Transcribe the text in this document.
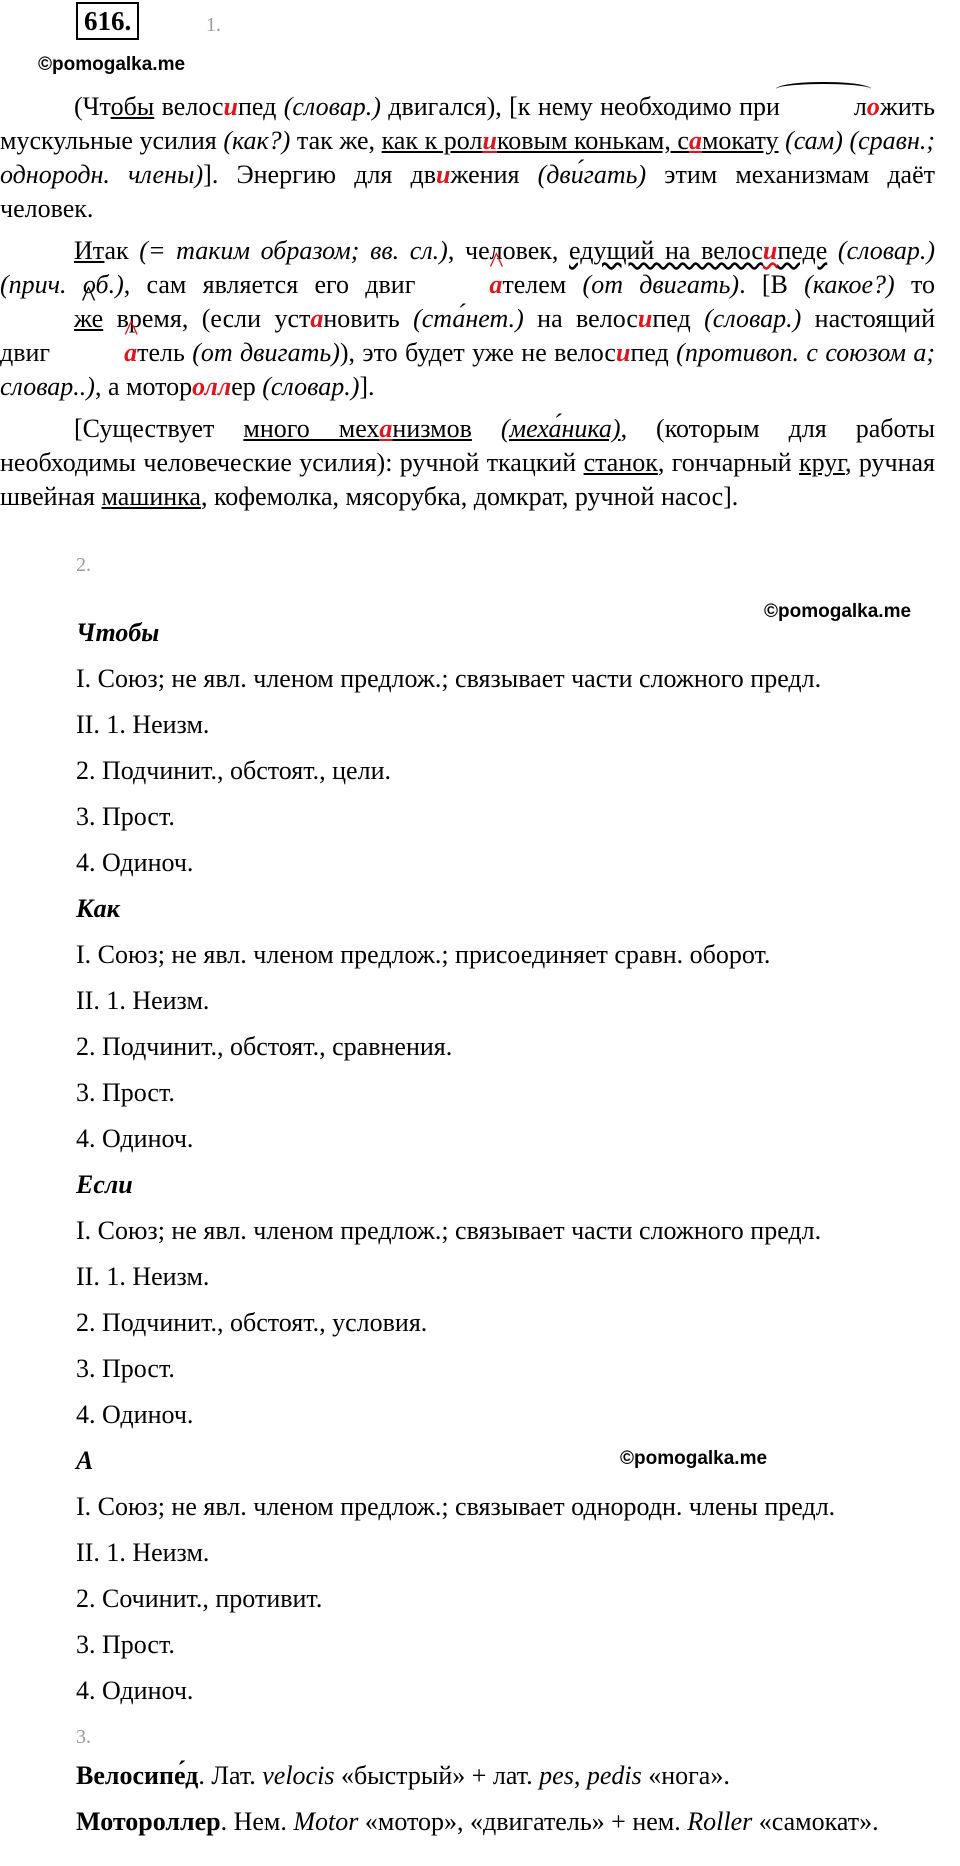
616.	1.
©pomogalka.me

(Чтобы велосипед (словар.) двигался), [к нему необходимо при	ложить мускульные усилия (как?) так же, как к роликовым конькам, самокату (сам) (сравн.; однородн. члены)]. Энергию для движения (дви́гать) этим механизмам даёт человек.

Итак (= таким образом; вв. сл.), человек, едущий на велосипеде (словар.) (прич. об.), сам является его двиг	^ ателем (от двигать). [В (какое?) то ^ же время, (если установить (ста́нет.) на велосипед (словар.) настоящий двиг	^ атель (от двигать)), это будет уже не велосипед (противоп. с союзом а; словар..), а мотороллер (словар.)].

[Существует много механизмов (меха́ника), (которым для работы необходимы человеческие усилия): ручной ткацкий станок, гончарный круг, ручная швейная машинка, кофемолка, мясорубка, домкрат, ручной насос].

2.
©pomogalka.me
©pomogalka.me
Чтобы
I. Союз; не явл. членом предлож.; связывает части сложного предл.
II. 1. Неизм.
2. Подчинит., обстоят., цели.
3. Прост.
4. Одиноч.
Как
I. Союз; не явл. членом предлож.; присоединяет сравн. оборот.
II. 1. Неизм.
2. Подчинит., обстоят., сравнения.
3. Прост.
4. Одиноч.
Если
I. Союз; не явл. членом предлож.; связывает части сложного предл.
II. 1. Неизм.
2. Подчинит., обстоят., условия.
3. Прост.
4. Одиноч.
А
I. Союз; не явл. членом предлож.; связывает однородн. члены предл.
II. 1. Неизм.
2. Сочинит., противит.
3. Прост.
4. Одиноч.
3.

Велосипе́д. Лат. velocis «быстрый» + лат. pes, pedis «нога».

Мотороллер. Нем. Motor «мотор», «двигатель» + нем. Roller «самокат».
